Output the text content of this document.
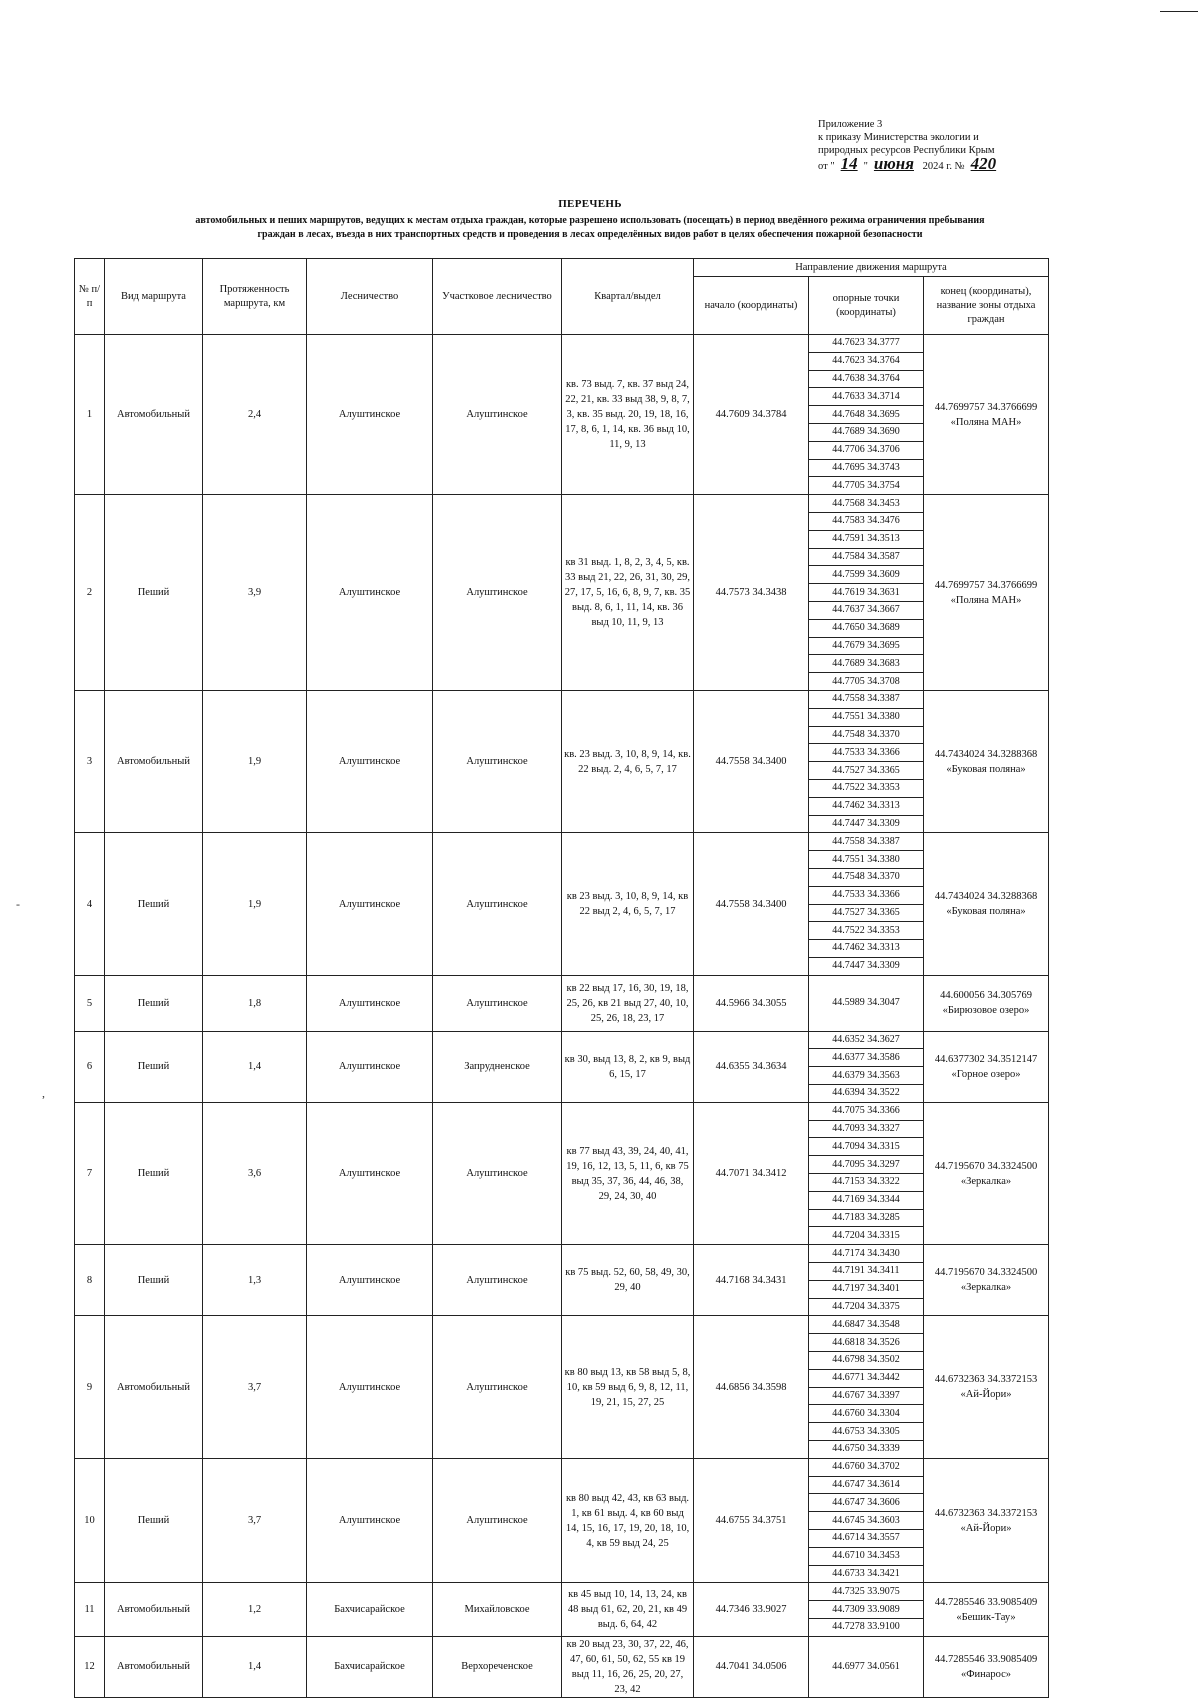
-
,
Приложение 3
к приказу Министерства экологии и
природных ресурсов Республики Крым
от " 14 " июня 2024 г. № 420
ПЕРЕЧЕНЬ
автомобильных и пеших маршрутов, ведущих к местам отдыха граждан, которые разрешено использовать (посещать) в период введённого режима ограничения пребывания
граждан в лесах, въезда в них транспортных средств и проведения в лесах определённых видов работ в целях обеспечения пожарной безопасности
№ п/п	Вид маршрута	Протяженность маршрута, км	Лесничество	Участковое лесничество	Квартал/выдел	Направление движения маршрута		
						начало (координаты)	опорные точки (координаты)	конец (координаты), название зоны отдыха граждан
1	Автомобильный	2,4	Алуштинское	Алуштинское	кв. 73 выд. 7, кв. 37 выд 24, 22, 21, кв. 33 выд 38, 9, 8, 7, 3, кв. 35 выд. 20, 19, 18, 16, 17, 8, 6, 1, 14, кв. 36 выд 10, 11, 9, 13	44.7609 34.3784	44.7623 34.3777	44.7699757 34.3766699
«Поляна МАН»

							44.7623 34.3764	
							44.7638 34.3764	
							44.7633 34.3714	
							44.7648 34.3695	
							44.7689 34.3690	
							44.7706 34.3706	
							44.7695 34.3743	
							44.7705 34.3754	
2	Пеший	3,9	Алуштинское	Алуштинское	кв 31 выд. 1, 8, 2, 3, 4, 5, кв. 33 выд 21, 22, 26, 31, 30, 29, 27, 17, 5, 16, 6, 8, 9, 7, кв. 35 выд. 8, 6, 1, 11, 14, кв. 36 выд 10, 11, 9, 13	44.7573 34.3438	44.7568 34.3453	44.7699757 34.3766699
«Поляна МАН»

							44.7583 34.3476	
							44.7591 34.3513	
							44.7584 34.3587	
							44.7599 34.3609	
							44.7619 34.3631	
							44.7637 34.3667	
							44.7650 34.3689	
							44.7679 34.3695	
							44.7689 34.3683	
							44.7705 34.3708	
3	Автомобильный	1,9	Алуштинское	Алуштинское	кв. 23 выд. 3, 10, 8, 9, 14, кв. 22 выд. 2, 4, 6, 5, 7, 17	44.7558 34.3400	44.7558 34.3387	44.7434024 34.3288368
«Буковая поляна»

							44.7551 34.3380	
							44.7548 34.3370	
							44.7533 34.3366	
							44.7527 34.3365	
							44.7522 34.3353	
							44.7462 34.3313	
							44.7447 34.3309	
4	Пеший	1,9	Алуштинское	Алуштинское	кв 23 выд. 3, 10, 8, 9, 14, кв 22 выд 2, 4, 6, 5, 7, 17	44.7558 34.3400	44.7558 34.3387	44.7434024 34.3288368
«Буковая поляна»

							44.7551 34.3380	
							44.7548 34.3370	
							44.7533 34.3366	
							44.7527 34.3365	
							44.7522 34.3353	
							44.7462 34.3313	
							44.7447 34.3309	
5	Пеший	1,8	Алуштинское	Алуштинское	кв 22 выд 17, 16, 30, 19, 18, 25, 26, кв 21 выд 27, 40, 10, 25, 26, 18, 23, 17	44.5966 34.3055	44.5989 34.3047	44.600056 34.305769
«Бирюзовое озеро»

6	Пеший	1,4	Алуштинское	Запрудненское	кв 30, выд 13, 8, 2, кв 9, выд 6, 15, 17	44.6355 34.3634	44.6352 34.3627	44.6377302 34.3512147
«Горное озеро»

							44.6377 34.3586	
							44.6379 34.3563	
							44.6394 34.3522	
7	Пеший	3,6	Алуштинское	Алуштинское	кв 77 выд 43, 39, 24, 40, 41, 19, 16, 12, 13, 5, 11, 6, кв 75 выд 35, 37, 36, 44, 46, 38, 29, 24, 30, 40	44.7071 34.3412	44.7075 34.3366	44.7195670 34.3324500
«Зеркалка»

							44.7093 34.3327	
							44.7094 34.3315	
							44.7095 34.3297	
							44.7153 34.3322	
							44.7169 34.3344	
							44.7183 34.3285	
							44.7204 34.3315	
8	Пеший	1,3	Алуштинское	Алуштинское	кв 75 выд. 52, 60, 58, 49, 30, 29, 40	44.7168 34.3431	44.7174 34.3430	44.7195670 34.3324500
«Зеркалка»

							44.7191 34.3411	
							44.7197 34.3401	
							44.7204 34.3375	
9	Автомобильный	3,7	Алуштинское	Алуштинское	кв 80 выд 13, кв 58 выд 5, 8, 10, кв 59 выд 6, 9, 8, 12, 11, 19, 21, 15, 27, 25	44.6856 34.3598	44.6847 34.3548	44.6732363 34.3372153
«Ай-Йори»

							44.6818 34.3526	
							44.6798 34.3502	
							44.6771 34.3442	
							44.6767 34.3397	
							44.6760 34.3304	
							44.6753 34.3305	
							44.6750 34.3339	
10	Пеший	3,7	Алуштинское	Алуштинское	кв 80 выд 42, 43, кв 63 выд. 1, кв 61 выд. 4, кв 60 выд 14, 15, 16, 17, 19, 20, 18, 10, 4, кв 59 выд 24, 25	44.6755 34.3751	44.6760 34.3702	44.6732363 34.3372153
«Ай-Йори»

							44.6747 34.3614	
							44.6747 34.3606	
							44.6745 34.3603	
							44.6714 34.3557	
							44.6710 34.3453	
							44.6733 34.3421	
11	Автомобильный	1,2	Бахчисарайское	Михайловское	кв 45 выд 10, 14, 13, 24, кв 48 выд 61, 62, 20, 21, кв 49 выд. 6, 64, 42	44.7346 33.9027	44.7325 33.9075	44.7285546 33.9085409
«Бешик-Тау»

							44.7309 33.9089	
							44.7278 33.9100	
12	Автомобильный	1,4	Бахчисарайское	Верхореченское	кв 20 выд 23, 30, 37, 22, 46, 47, 60, 61, 50, 62, 55 кв 19 выд 11, 16, 26, 25, 20, 27, 23, 42	44.7041 34.0506	44.6977 34.0561	44.7285546 33.9085409
«Финарос»
